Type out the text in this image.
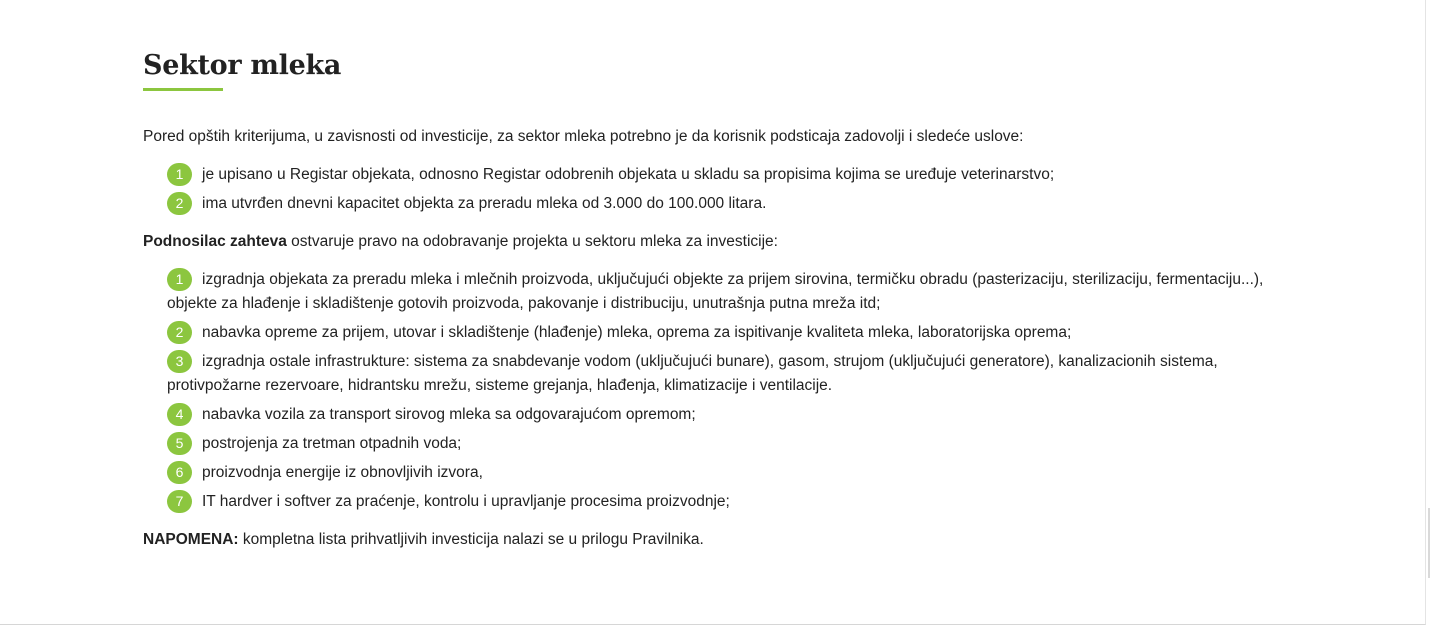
Sektor mleka

Pored opštih kriterijuma, u zavisnosti od investicije, za sektor mleka potrebno je da korisnik podsticaja zadovolji i sledeće uslove:

1 je upisano u Registar objekata, odnosno Registar odobrenih objekata u skladu sa propisima kojima se uređuje veterinarstvo;
2 ima utvrđen dnevni kapacitet objekta za preradu mleka od 3.000 do 100.000 litara.

Podnosilac zahteva ostvaruje pravo na odobravanje projekta u sektoru mleka za investicije:

1 izgradnja objekata za preradu mleka i mlečnih proizvoda, uključujući objekte za prijem sirovina, termičku obradu (pasterizaciju, sterilizaciju, fermentaciju...), objekte za hlađenje i skladištenje gotovih proizvoda, pakovanje i distribuciju, unutrašnja putna mreža itd;
2 nabavka opreme za prijem, utovar i skladištenje (hlađenje) mleka, oprema za ispitivanje kvaliteta mleka, laboratorijska oprema;
3 izgradnja ostale infrastrukture: sistema za snabdevanje vodom (uključujući bunare), gasom, strujom (uključujući generatore), kanalizacionih sistema, protivpožarne rezervoare, hidrantsku mrežu, sisteme grejanja, hlađenja, klimatizacije i ventilacije.
4 nabavka vozila za transport sirovog mleka sa odgovarajućom opremom;
5 postrojenja za tretman otpadnih voda;
6 proizvodnja energije iz obnovljivih izvora,
7 IT hardver i softver za praćenje, kontrolu i upravljanje procesima proizvodnje;

NAPOMENA: kompletna lista prihvatljivih investicija nalazi se u prilogu Pravilnika.
